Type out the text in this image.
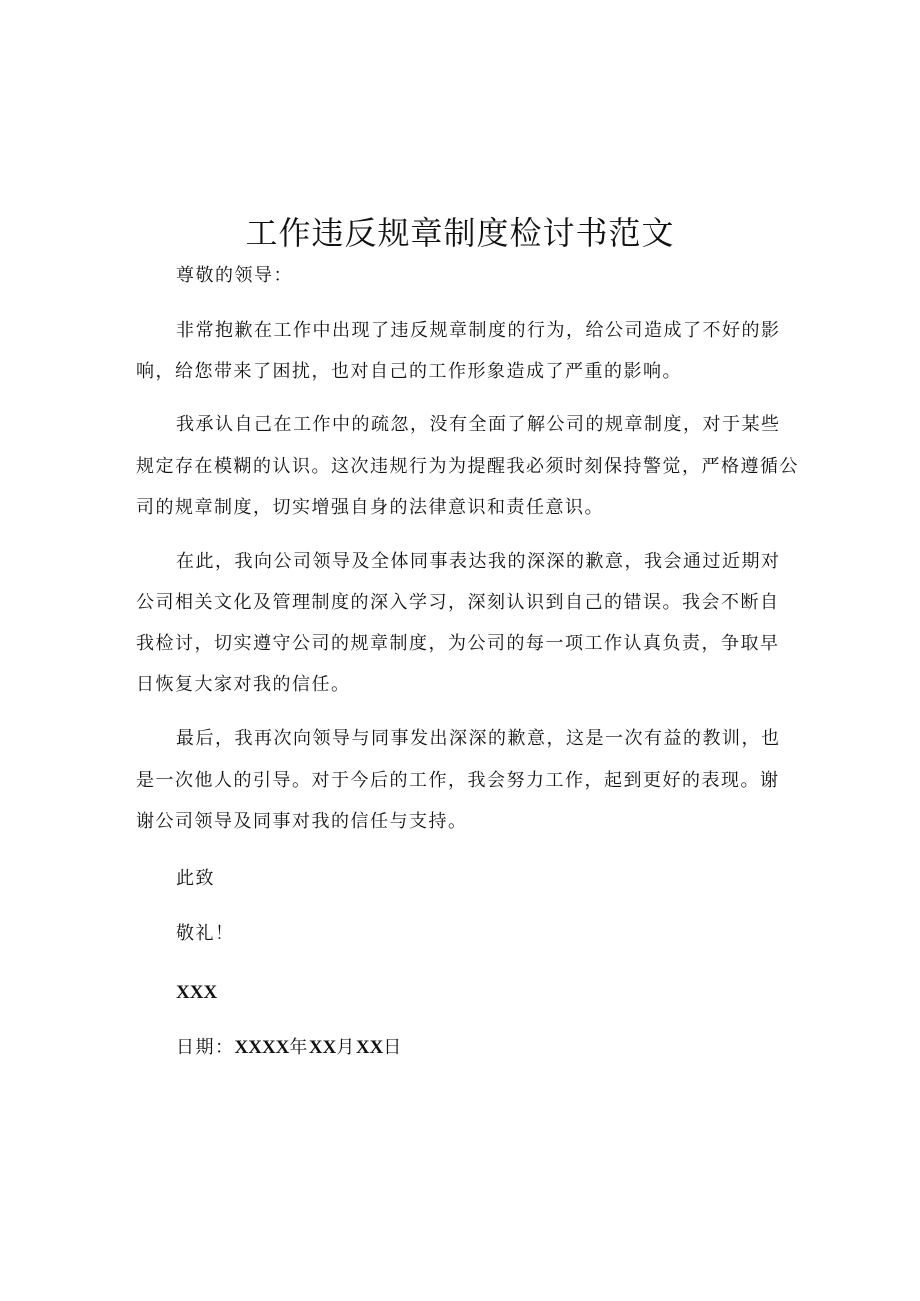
工作违反规章制度检讨书范文
尊敬的领导：
非常抱歉在工作中出现了违反规章制度的行为，给公司造成了不好的影
响，给您带来了困扰，也对自己的工作形象造成了严重的影响。
我承认自己在工作中的疏忽，没有全面了解公司的规章制度，对于某些
规定存在模糊的认识。这次违规行为为提醒我必须时刻保持警觉，严格遵循公
司的规章制度，切实增强自身的法律意识和责任意识。
在此，我向公司领导及全体同事表达我的深深的歉意，我会通过近期对
公司相关文化及管理制度的深入学习，深刻认识到自己的错误。我会不断自
我检讨，切实遵守公司的规章制度，为公司的每一项工作认真负责，争取早
日恢复大家对我的信任。
最后，我再次向领导与同事发出深深的歉意，这是一次有益的教训，也
是一次他人的引导。对于今后的工作，我会努力工作，起到更好的表现。谢
谢公司领导及同事对我的信任与支持。
此致
敬礼！
XXX
日期：XXXX年XX月XX日
